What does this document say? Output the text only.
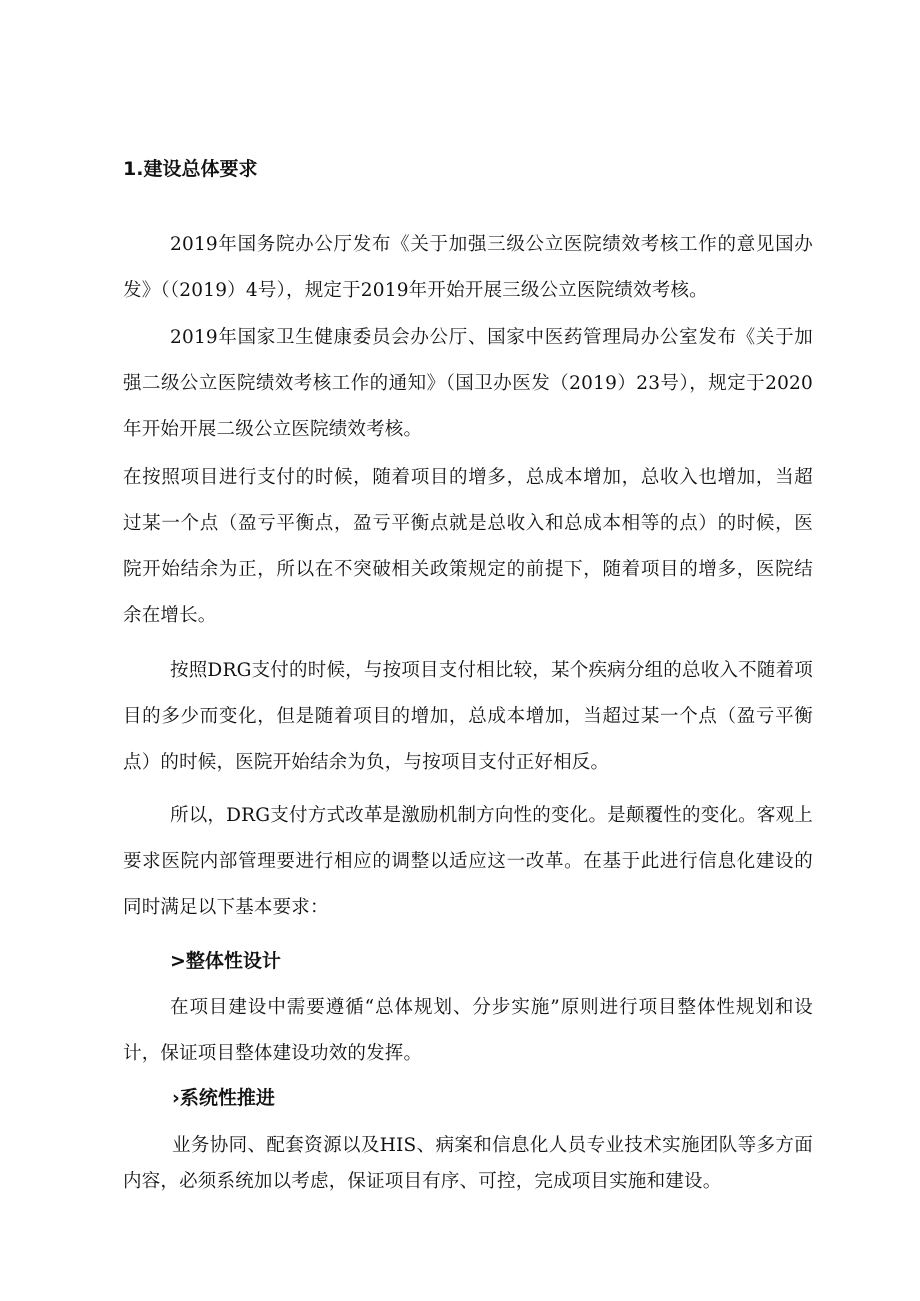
1.建设总体要求
2019年国务院办公厅发布《关于加强三级公立医院绩效考核工作的意见国办发》（（2019）4号），规定于2019年开始开展三级公立医院绩效考核。
2019年国家卫生健康委员会办公厅、国家中医药管理局办公室发布《关于加强二级公立医院绩效考核工作的通知》（国卫办医发（2019）23号），规定于2020年开始开展二级公立医院绩效考核。
在按照项目进行支付的时候，随着项目的增多，总成本增加，总收入也增加，当超过某一个点（盈亏平衡点，盈亏平衡点就是总收入和总成本相等的点）的时候，医院开始结余为正，所以在不突破相关政策规定的前提下，随着项目的增多，医院结余在增长。
按照DRG支付的时候，与按项目支付相比较，某个疾病分组的总收入不随着项目的多少而变化，但是随着项目的增加，总成本增加，当超过某一个点（盈亏平衡点）的时候，医院开始结余为负，与按项目支付正好相反。
所以，DRG支付方式改革是激励机制方向性的变化。是颠覆性的变化。客观上要求医院内部管理要进行相应的调整以适应这一改革。在基于此进行信息化建设的同时满足以下基本要求：
>整体性设计
在项目建设中需要遵循“总体规划、分步实施”原则进行项目整体性规划和设计，保证项目整体建设功效的发挥。
›系统性推进
业务协同、配套资源以及HIS、病案和信息化人员专业技术实施团队等多方面内容，必须系统加以考虑，保证项目有序、可控，完成项目实施和建设。
